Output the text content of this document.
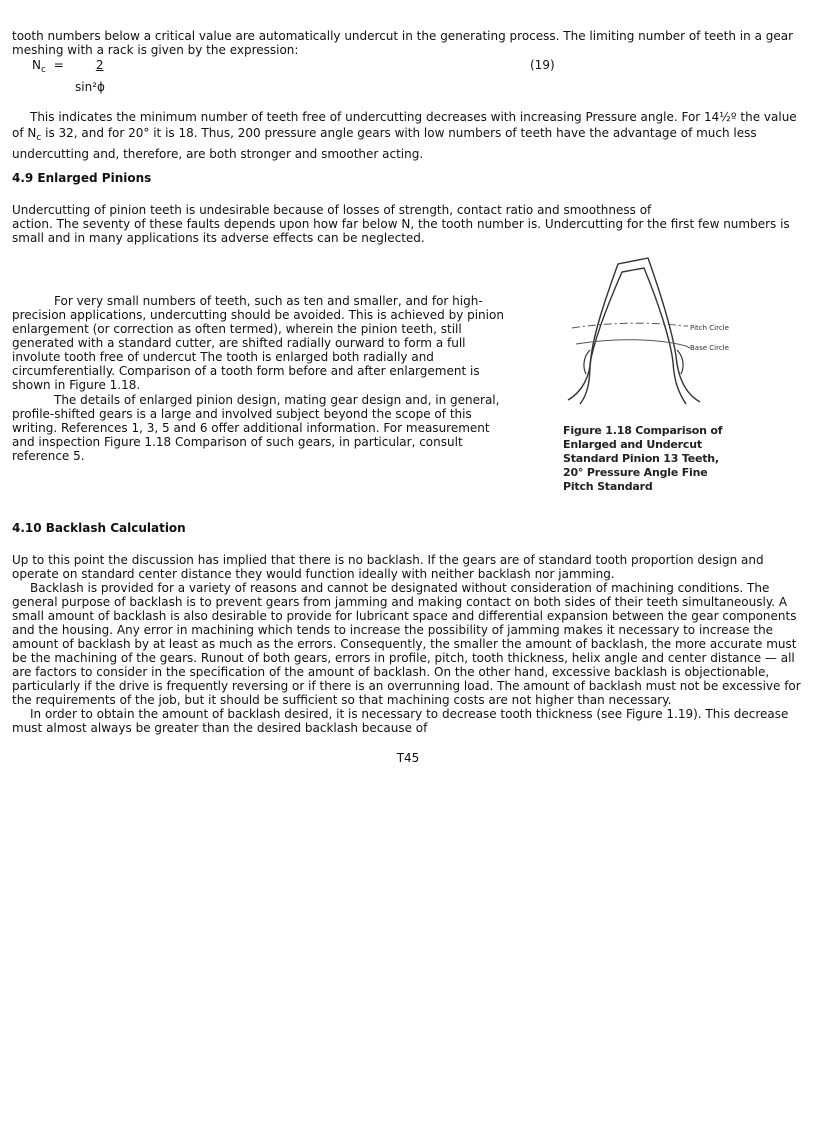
tooth numbers below a critical value are automatically undercut in the generating process. The limiting number of teeth in a gear meshing with a rack is given by the expression:

$N_c$ =	2	(19)
sin²ϕ

This indicates the minimum number of teeth free of undercutting decreases with increasing Pressure angle. For 14½º the value of $N_c$ is 32, and for 20° it is 18. Thus, 200 pressure angle gears with low numbers of teeth have the advantage of much less undercutting and, therefore, are both stronger and smoother acting.

4.9 Enlarged Pinions

Undercutting of pinion teeth is undesirable because of losses of strength, contact ratio and smoothness of
action. The seventy of these faults depends upon how far below N, the tooth number is. Undercutting for the first few numbers is small and in many applications its adverse effects can be neglected.

For very small numbers of teeth, such as ten and smaller, and for high-precision applications, undercutting should be avoided. This is achieved by pinion enlargement (or correction as often termed), wherein the pinion teeth, still generated with a standard cutter, are shifted radially ourward to form a full involute tooth free of undercut The tooth is enlarged both radially and circumferentially. Comparison of a tooth form before and after enlargement is shown in Figure 1.18.

The details of enlarged pinion design, mating gear design and, in general, profile-shifted gears is a large and involved subject beyond the scope of this writing. References 1, 3, 5 and 6 offer additional information. For measurement and inspection Figure 1.18 Comparison of such gears, in particular, consult reference 5.

Pitch Circle
Base Circle

Figure 1.18 Comparison of Enlarged and Undercut Standard Pinion 13 Teeth, 20° Pressure Angle Fine Pitch Standard

4.10 Backlash Calculation

Up to this point the discussion has implied that there is no backlash. If the gears are of standard tooth proportion design and operate on standard center distance they would function ideally with neither backlash nor jamming.

Backlash is provided for a variety of reasons and cannot be designated without consideration of machining conditions. The general purpose of backlash is to prevent gears from jamming and making contact on both sides of their teeth simultaneously. A small amount of backlash is also desirable to provide for lubricant space and differential expansion between the gear components and the housing. Any error in machining which tends to increase the possibility of jamming makes it necessary to increase the amount of backlash by at least as much as the errors. Consequently, the smaller the amount of backlash, the more accurate must be the machining of the gears. Runout of both gears, errors in profile, pitch, tooth thickness, helix angle and center distance — all are factors to consider in the specification of the amount of backlash. On the other hand, excessive backlash is objectionable, particularly if the drive is frequently reversing or if there is an overrunning load. The amount of backlash must not be excessive for the requirements of the job, but it should be sufficient so that machining costs are not higher than necessary.

In order to obtain the amount of backlash desired, it is necessary to decrease tooth thickness (see Figure 1.19). This decrease must almost always be greater than the desired backlash because of

T45
